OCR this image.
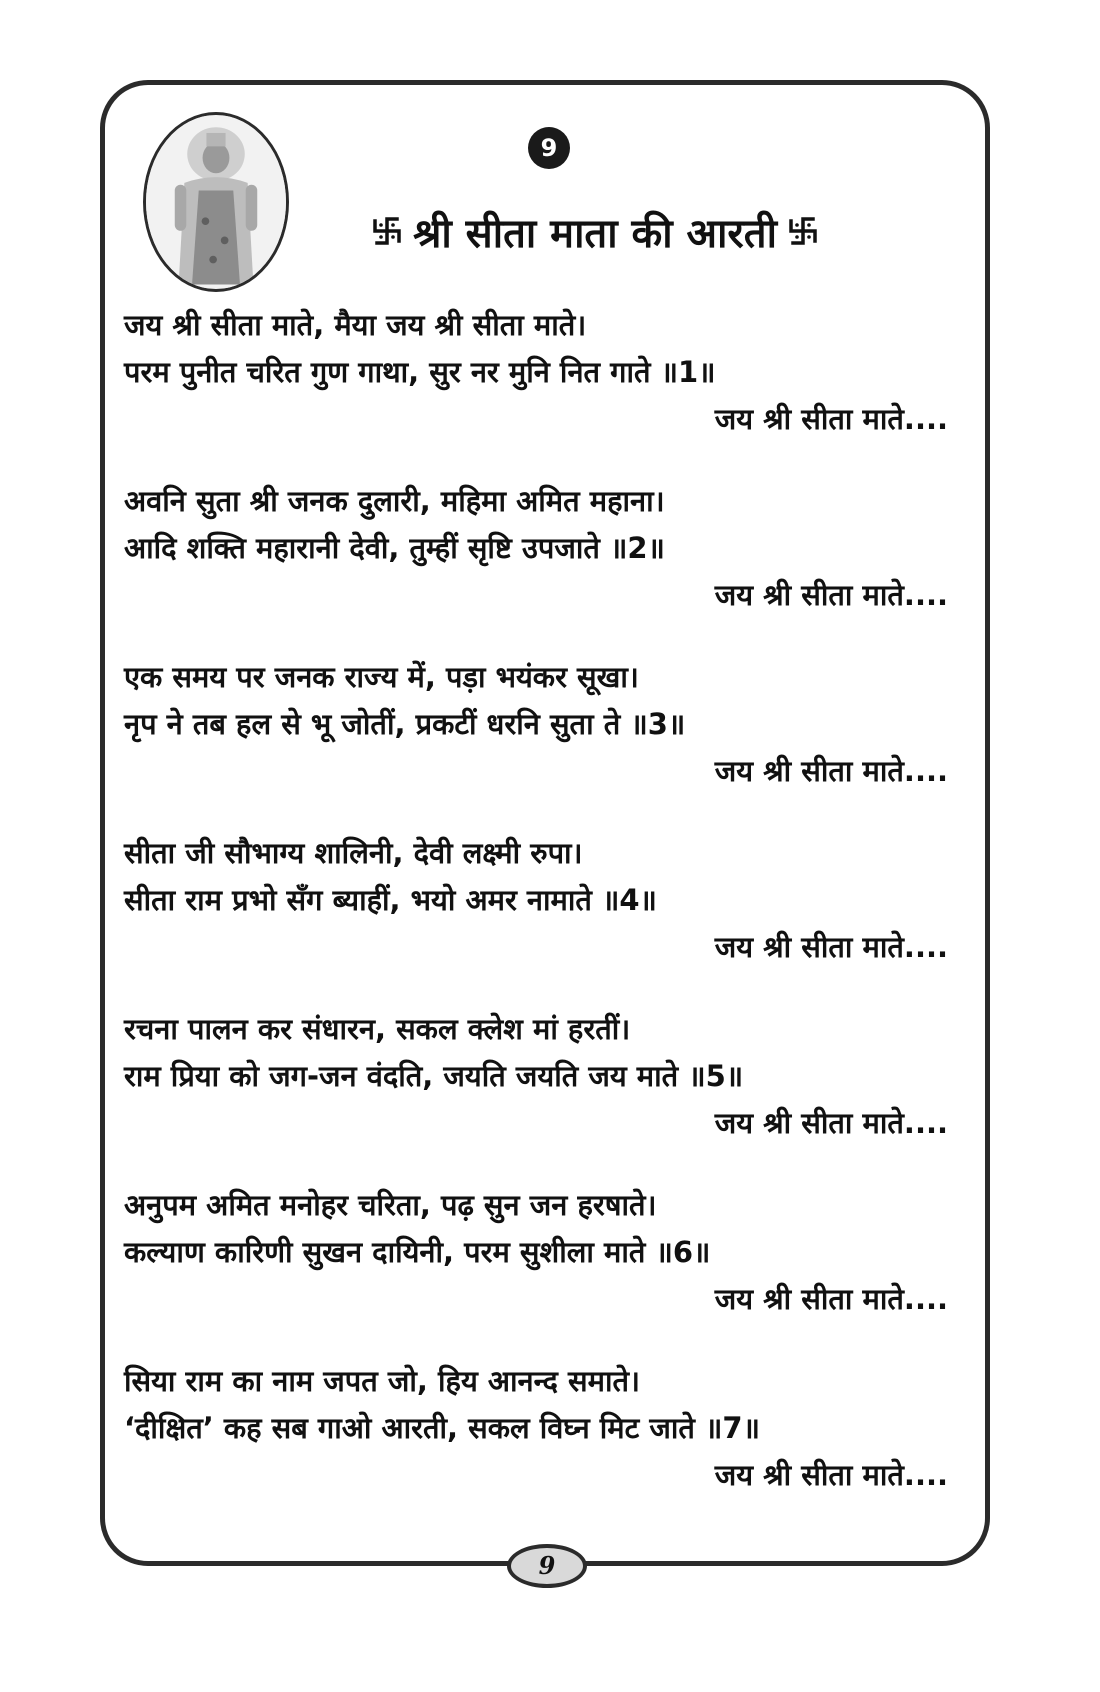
9
श्री सीता माता की आरती
जय श्री सीता माते, मैया जय श्री सीता माते।
परम पुनीत चरित गुण गाथा, सुर नर मुनि नित गाते ॥1॥
जय श्री सीता माते....
अवनि सुता श्री जनक दुलारी, महिमा अमित महाना।
आदि शक्ति महारानी देवी, तुम्हीं सृष्टि उपजाते ॥2॥
जय श्री सीता माते....
एक समय पर जनक राज्य में, पड़ा भयंकर सूखा।
नृप ने तब हल से भू जोतीं, प्रकटीं धरनि सुता ते ॥3॥
जय श्री सीता माते....
सीता जी सौभाग्य शालिनी, देवी लक्ष्मी रुपा।
सीता राम प्रभो सँग ब्याहीं, भयो अमर नामाते ॥4॥
जय श्री सीता माते....
रचना पालन कर संधारन, सकल क्लेश मां हरतीं।
राम प्रिया को जग-जन वंदति, जयति जयति जय माते ॥5॥
जय श्री सीता माते....
अनुपम अमित मनोहर चरिता, पढ़ सुन जन हरषाते।
कल्याण कारिणी सुखन दायिनी, परम सुशीला माते ॥6॥
जय श्री सीता माते....
सिया राम का नाम जपत जो, हिय आनन्द समाते।
‘दीक्षित’ कह सब गाओ आरती, सकल विघ्न मिट जाते ॥7॥
जय श्री सीता माते....
9
